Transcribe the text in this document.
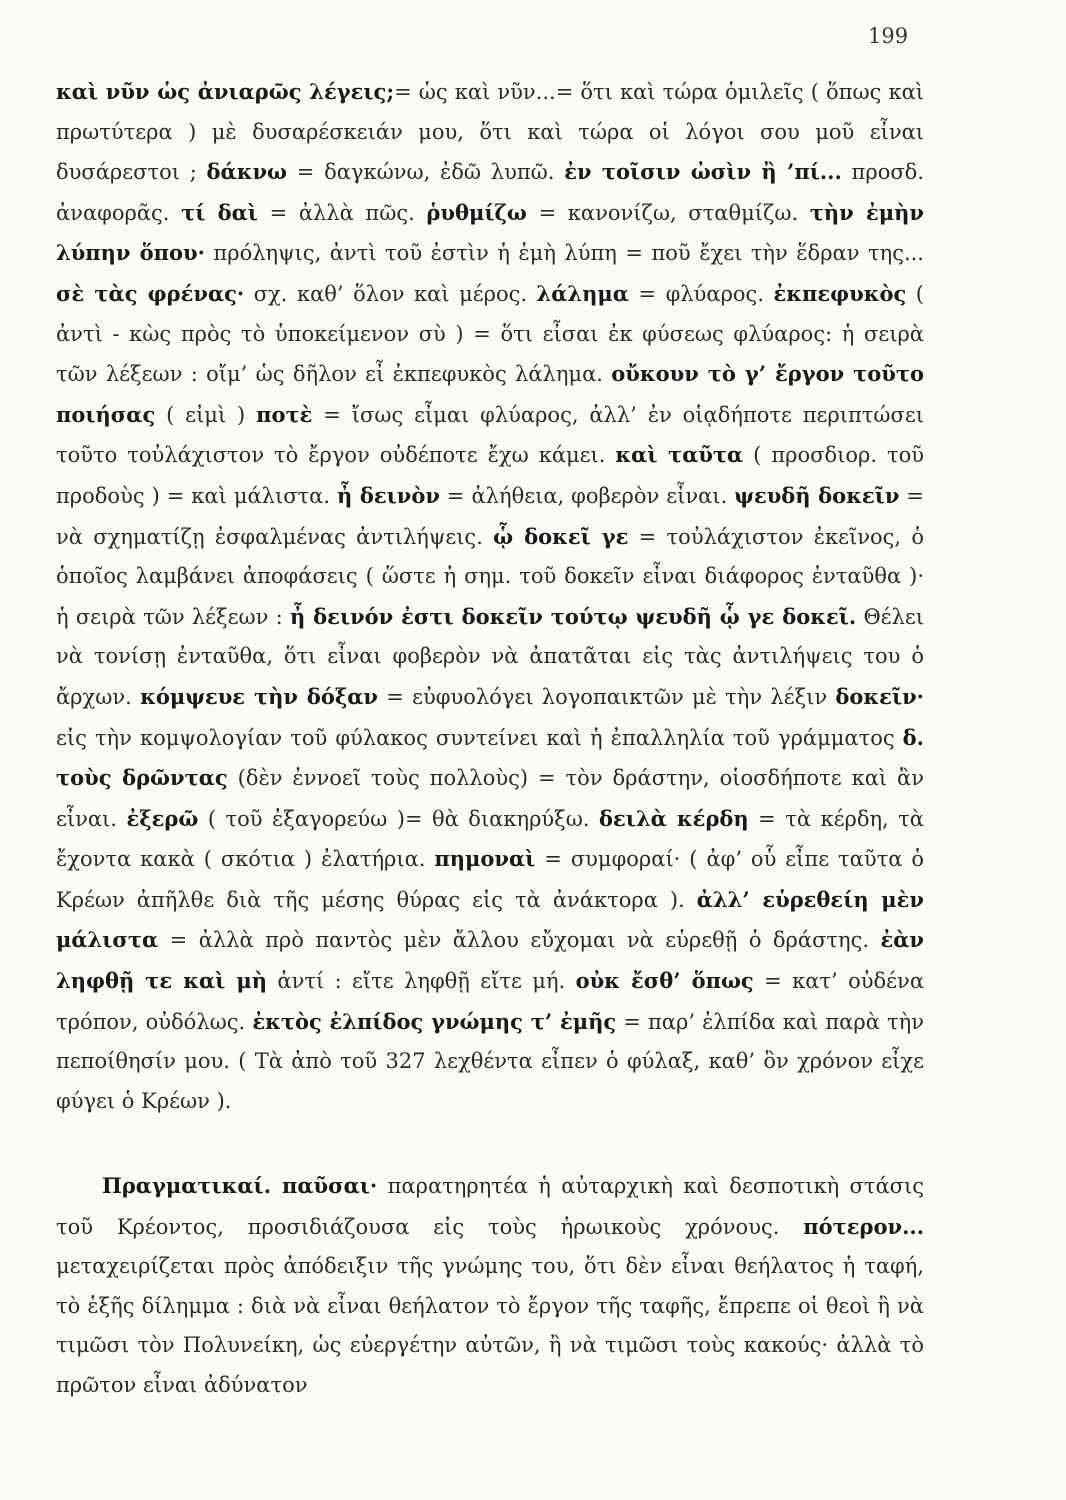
199

καὶ νῦν ὡς ἀνιαρῶς λέγεις;= ὡς καὶ νῦν...= ὅτι καὶ τώρα ὁμιλεῖς ( ὅπως καὶ πρωτύτερα ) μὲ δυσαρέσκειάν μου, ὅτι καὶ τώρα οἱ λόγοι σου μοῦ εἶναι δυσάρεστοι ; δάκνω = δαγκώνω, ἐδῶ λυπῶ. ἐν τοῖσιν ὠσὶν ἢ ’πί... προσδ. ἀναφορᾶς. τί δαὶ = ἀλλὰ πῶς. ῥυθμίζω = κανονίζω, σταθμίζω. τὴν ἐμὴν λύπην ὅπου· πρόληψις, ἀντὶ τοῦ ἐστὶν ἡ ἐμὴ λύπη = ποῦ ἔχει τὴν ἕδραν της... σὲ τὰς φρένας· σχ. καθ’ ὅλον καὶ μέρος. λάλημα = φλύαρος. ἐκπεφυκὸς ( ἀντὶ - κὼς πρὸς τὸ ὑποκείμενον σὺ ) = ὅτι εἶσαι ἐκ φύσεως φλύαρος: ἡ σειρὰ τῶν λέξεων : οἴμ’ ὡς δῆλον εἶ ἐκπεφυκὸς λάλημα. οὔκουν τὸ γ’ ἔργον τοῦτο ποιήσας ( εἰμὶ ) ποτὲ = ἴσως εἶμαι φλύαρος, ἀλλ’ ἐν οἱᾳδήποτε περιπτώσει τοῦτο τοὐλάχιστον τὸ ἔργον οὐδέποτε ἔχω κάμει. καὶ ταῦτα ( προσδιορ. τοῦ προδοὺς ) = καὶ μάλιστα. ἦ δεινὸν = ἀλήθεια, φοβερὸν εἶναι. ψευδῆ δοκεῖν = νὰ σχηματίζῃ ἐσφαλμένας ἀντιλήψεις. ᾧ δοκεῖ γε = τοὐλάχιστον ἐκεῖνος, ὁ ὁποῖος λαμβάνει ἀποφάσεις ( ὥστε ἡ σημ. τοῦ δοκεῖν εἶναι διάφορος ἐνταῦθα )· ἡ σειρὰ τῶν λέξεων : ἦ δεινόν ἐστι δοκεῖν τούτῳ ψευδῆ ᾧ γε δοκεῖ. Θέλει νὰ τονίσῃ ἐνταῦθα, ὅτι εἶναι φοβερὸν νὰ ἀπατᾶται εἰς τὰς ἀντιλήψεις του ὁ ἄρχων. κόμψευε τὴν δόξαν = εὐφυολόγει λογοπαικτῶν μὲ τὴν λέξιν δοκεῖν· εἰς τὴν κομψολογίαν τοῦ φύλακος συντείνει καὶ ἡ ἐπαλληλία τοῦ γράμματος δ. τοὺς δρῶντας (δὲν ἐννοεῖ τοὺς πολλοὺς) = τὸν δράστην, οἱοσδήποτε καὶ ἂν εἶναι. ἐξερῶ ( τοῦ ἐξαγορεύω )= θὰ διακηρύξω. δειλὰ κέρδη = τὰ κέρδη, τὰ ἔχοντα κακὰ ( σκότια ) ἐλατήρια. πημοναὶ = συμφοραί· ( ἀφ’ οὗ εἶπε ταῦτα ὁ Κρέων ἀπῆλθε διὰ τῆς μέσης θύρας εἰς τὰ ἀνάκτορα ). ἀλλ’ εὑρεθείη μὲν μάλιστα = ἀλλὰ πρὸ παντὸς μὲν ἄλλου εὔχομαι νὰ εὑρεθῇ ὁ δράστης. ἐὰν ληφθῇ τε καὶ μὴ ἀντί : εἴτε ληφθῇ εἴτε μή. οὐκ ἔσθ’ ὅπως = κατ’ οὐδένα τρόπον, οὐδόλως. ἐκτὸς ἐλπίδος γνώμης τ’ ἐμῆς = παρ’ ἐλπίδα καὶ παρὰ τὴν πεποίθησίν μου. ( Τὰ ἀπὸ τοῦ 327 λεχθέντα εἶπεν ὁ φύλαξ, καθ’ ὃν χρόνον εἶχε φύγει ὁ Κρέων ).

Πραγματικαί. παῦσαι· παρατηρητέα ἡ αὐταρχικὴ καὶ δεσποτικὴ στάσις τοῦ Κρέοντος, προσιδιάζουσα εἰς τοὺς ἡρωικοὺς χρόνους. πότερον... μεταχειρίζεται πρὸς ἀπόδειξιν τῆς γνώμης του, ὅτι δὲν εἶναι θεήλατος ἡ ταφή, τὸ ἑξῆς δίλημμα : διὰ νὰ εἶναι θεήλατον τὸ ἔργον τῆς ταφῆς, ἔπρεπε οἱ θεοὶ ἢ νὰ τιμῶσι τὸν Πολυνείκη, ὡς εὐεργέτην αὐτῶν, ἢ νὰ τιμῶσι τοὺς κακούς· ἀλλὰ τὸ πρῶτον εἶναι ἀδύνατον
